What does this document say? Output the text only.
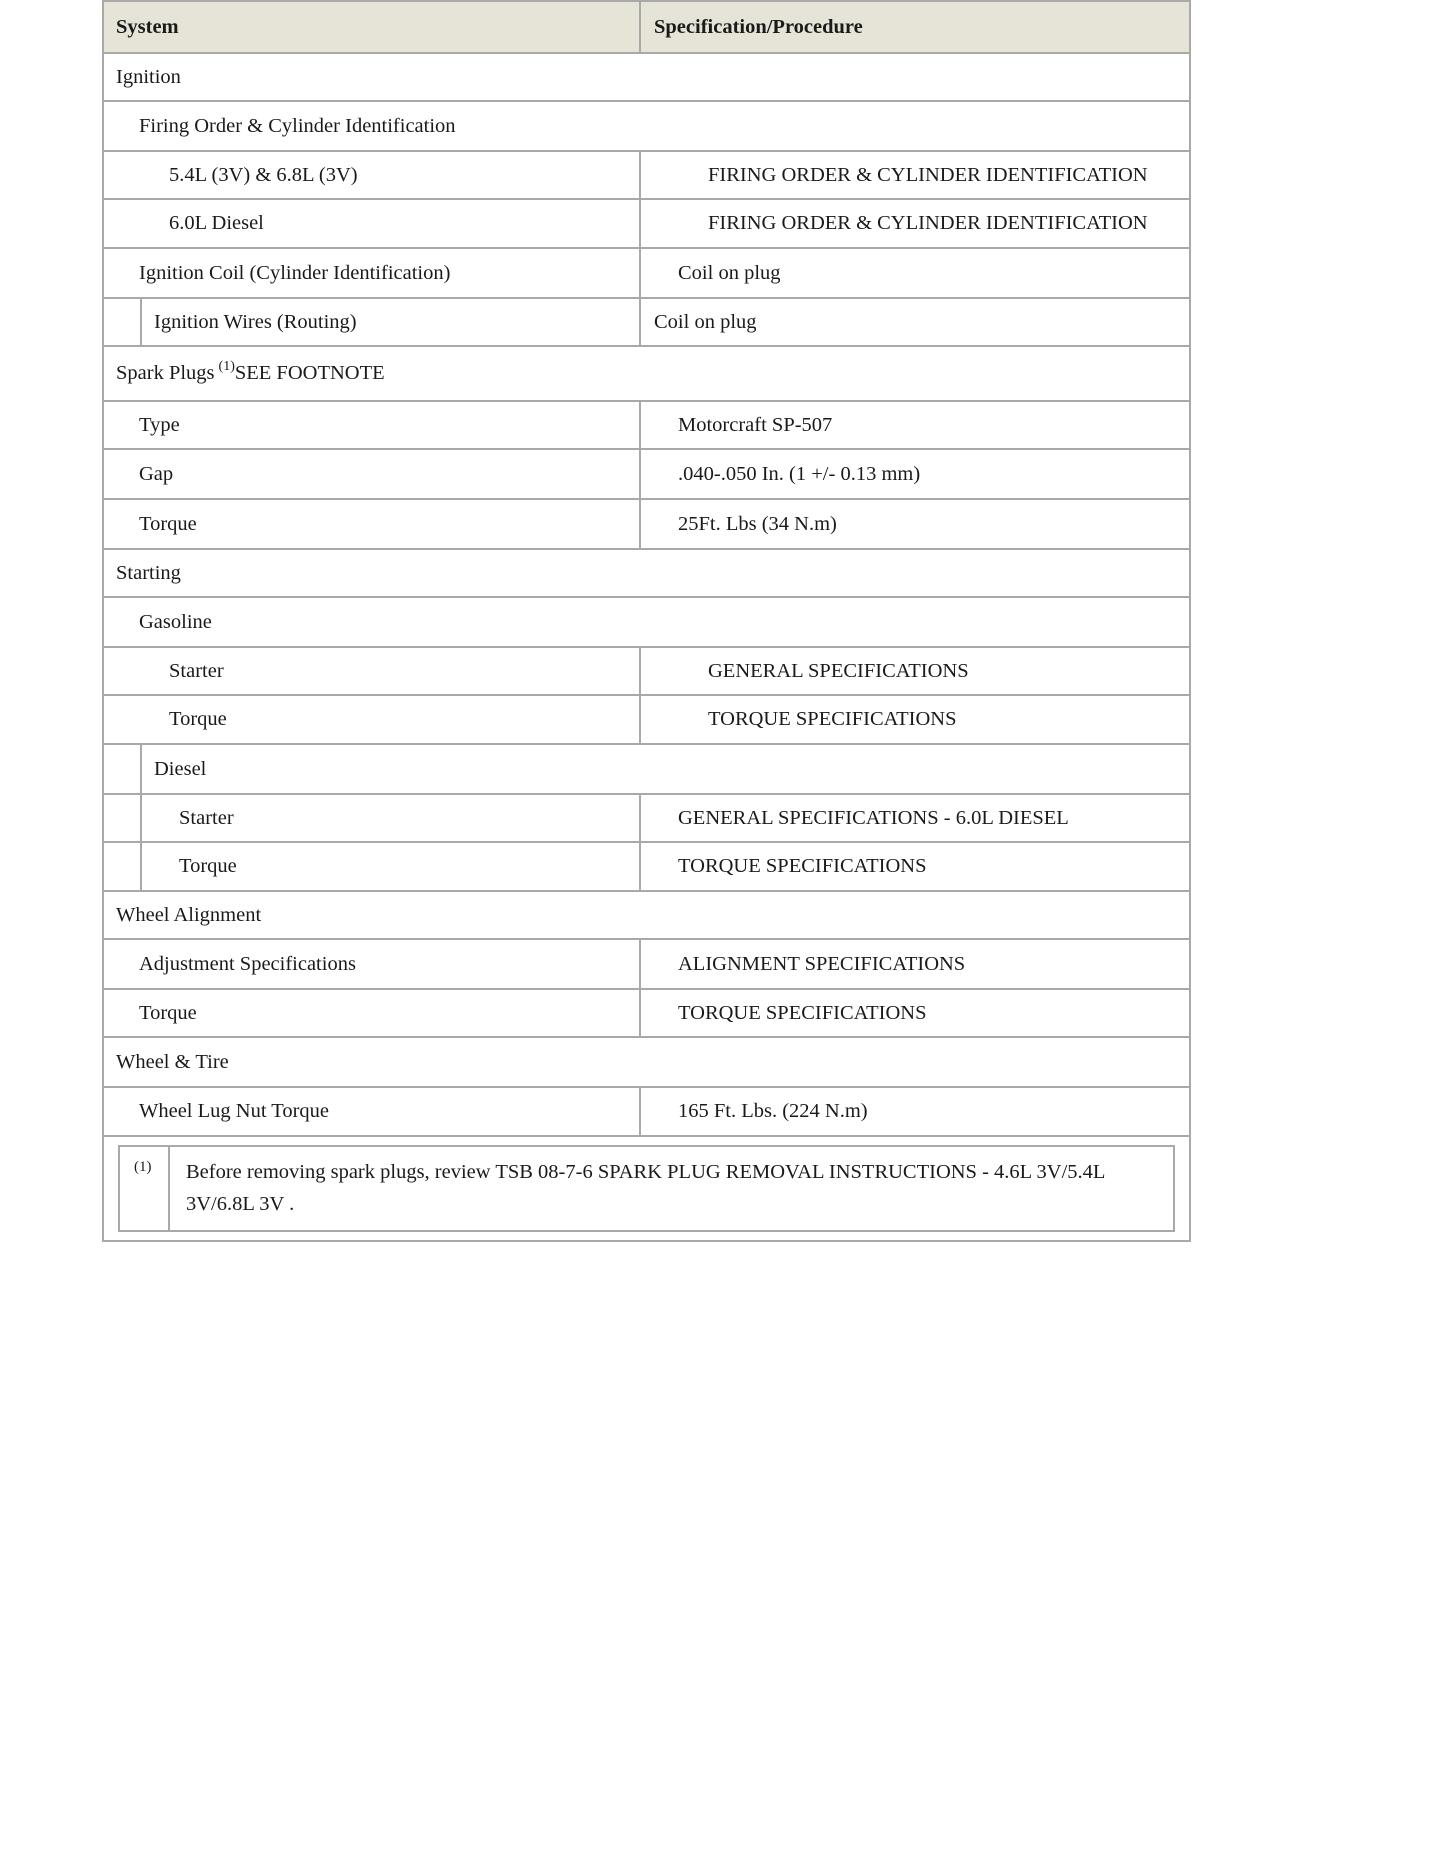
System	Specification/Procedure
Ignition
Firing Order & Cylinder Identification
5.4L (3V) & 6.8L (3V)	FIRING ORDER & CYLINDER IDENTIFICATION
6.0L Diesel	FIRING ORDER & CYLINDER IDENTIFICATION
Ignition Coil (Cylinder Identification)	Coil on plug
Ignition Wires (Routing)	Coil on plug
Spark Plugs (1) SEE FOOTNOTE
Type	Motorcraft SP-507
Gap	.040-.050 In. (1 +/- 0.13 mm)
Torque	25Ft. Lbs (34 N.m)
Starting
Gasoline
Starter	GENERAL SPECIFICATIONS
Torque	TORQUE SPECIFICATIONS
Diesel
Starter	GENERAL SPECIFICATIONS - 6.0L DIESEL
Torque	TORQUE SPECIFICATIONS
Wheel Alignment
Adjustment Specifications	ALIGNMENT SPECIFICATIONS
Torque	TORQUE SPECIFICATIONS
Wheel & Tire
Wheel Lug Nut Torque	165 Ft. Lbs. (224 N.m)
(1)	Before removing spark plugs, review TSB 08-7-6 SPARK PLUG REMOVAL INSTRUCTIONS - 4.6L 3V/5.4L 3V/6.8L 3V .
